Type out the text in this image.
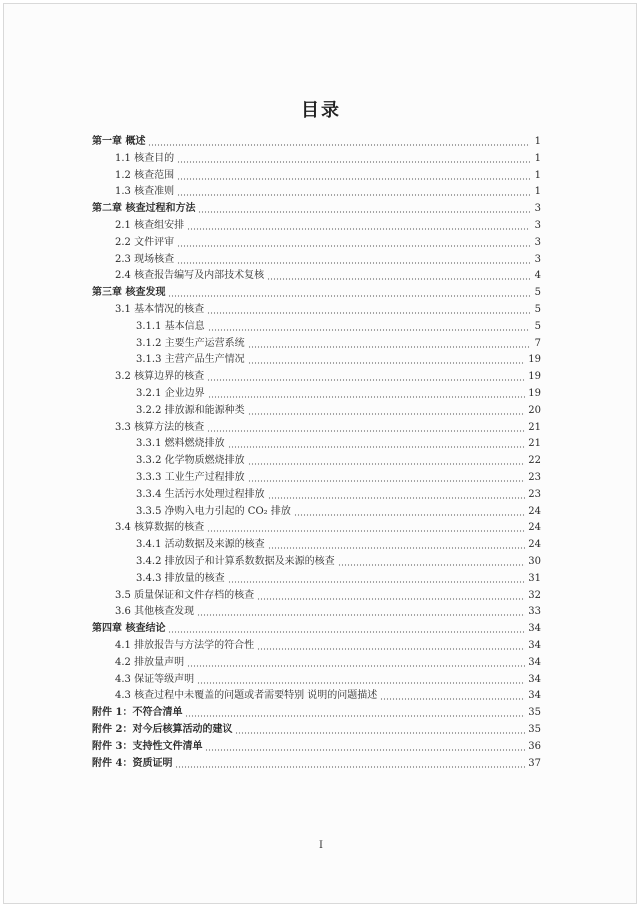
目录
第一章 概述	1
1.1 核查目的	1
1.2 核查范围	1
1.3 核查准则	1
第二章 核查过程和方法	3
2.1 核查组安排	3
2.2 文件评审	3
2.3 现场核查	3
2.4 核查报告编写及内部技术复核	4
第三章 核查发现	5
3.1 基本情况的核查	5
3.1.1 基本信息	5
3.1.2 主要生产运营系统	7
3.1.3 主营产品生产情况	19
3.2 核算边界的核查	19
3.2.1 企业边界	19
3.2.2 排放源和能源种类	20
3.3 核算方法的核查	21
3.3.1 燃料燃烧排放	21
3.3.2 化学物质燃烧排放	22
3.3.3 工业生产过程排放	23
3.3.4 生活污水处理过程排放	23
3.3.5 净购入电力引起的 CO₂ 排放	24
3.4 核算数据的核查	24
3.4.1 活动数据及来源的核查	24
3.4.2 排放因子和计算系数数据及来源的核查	30
3.4.3 排放量的核查	31
3.5 质量保证和文件存档的核查	32
3.6 其他核查发现	33
第四章 核查结论	34
4.1 排放报告与方法学的符合性	34
4.2 排放量声明	34
4.3 保证等级声明	34
4.3 核查过程中未覆盖的问题或者需要特别 说明的问题描述	34
附件 1：不符合清单	35
附件 2：对今后核算活动的建议	35
附件 3：支持性文件清单	36
附件 4：资质证明	37
I
